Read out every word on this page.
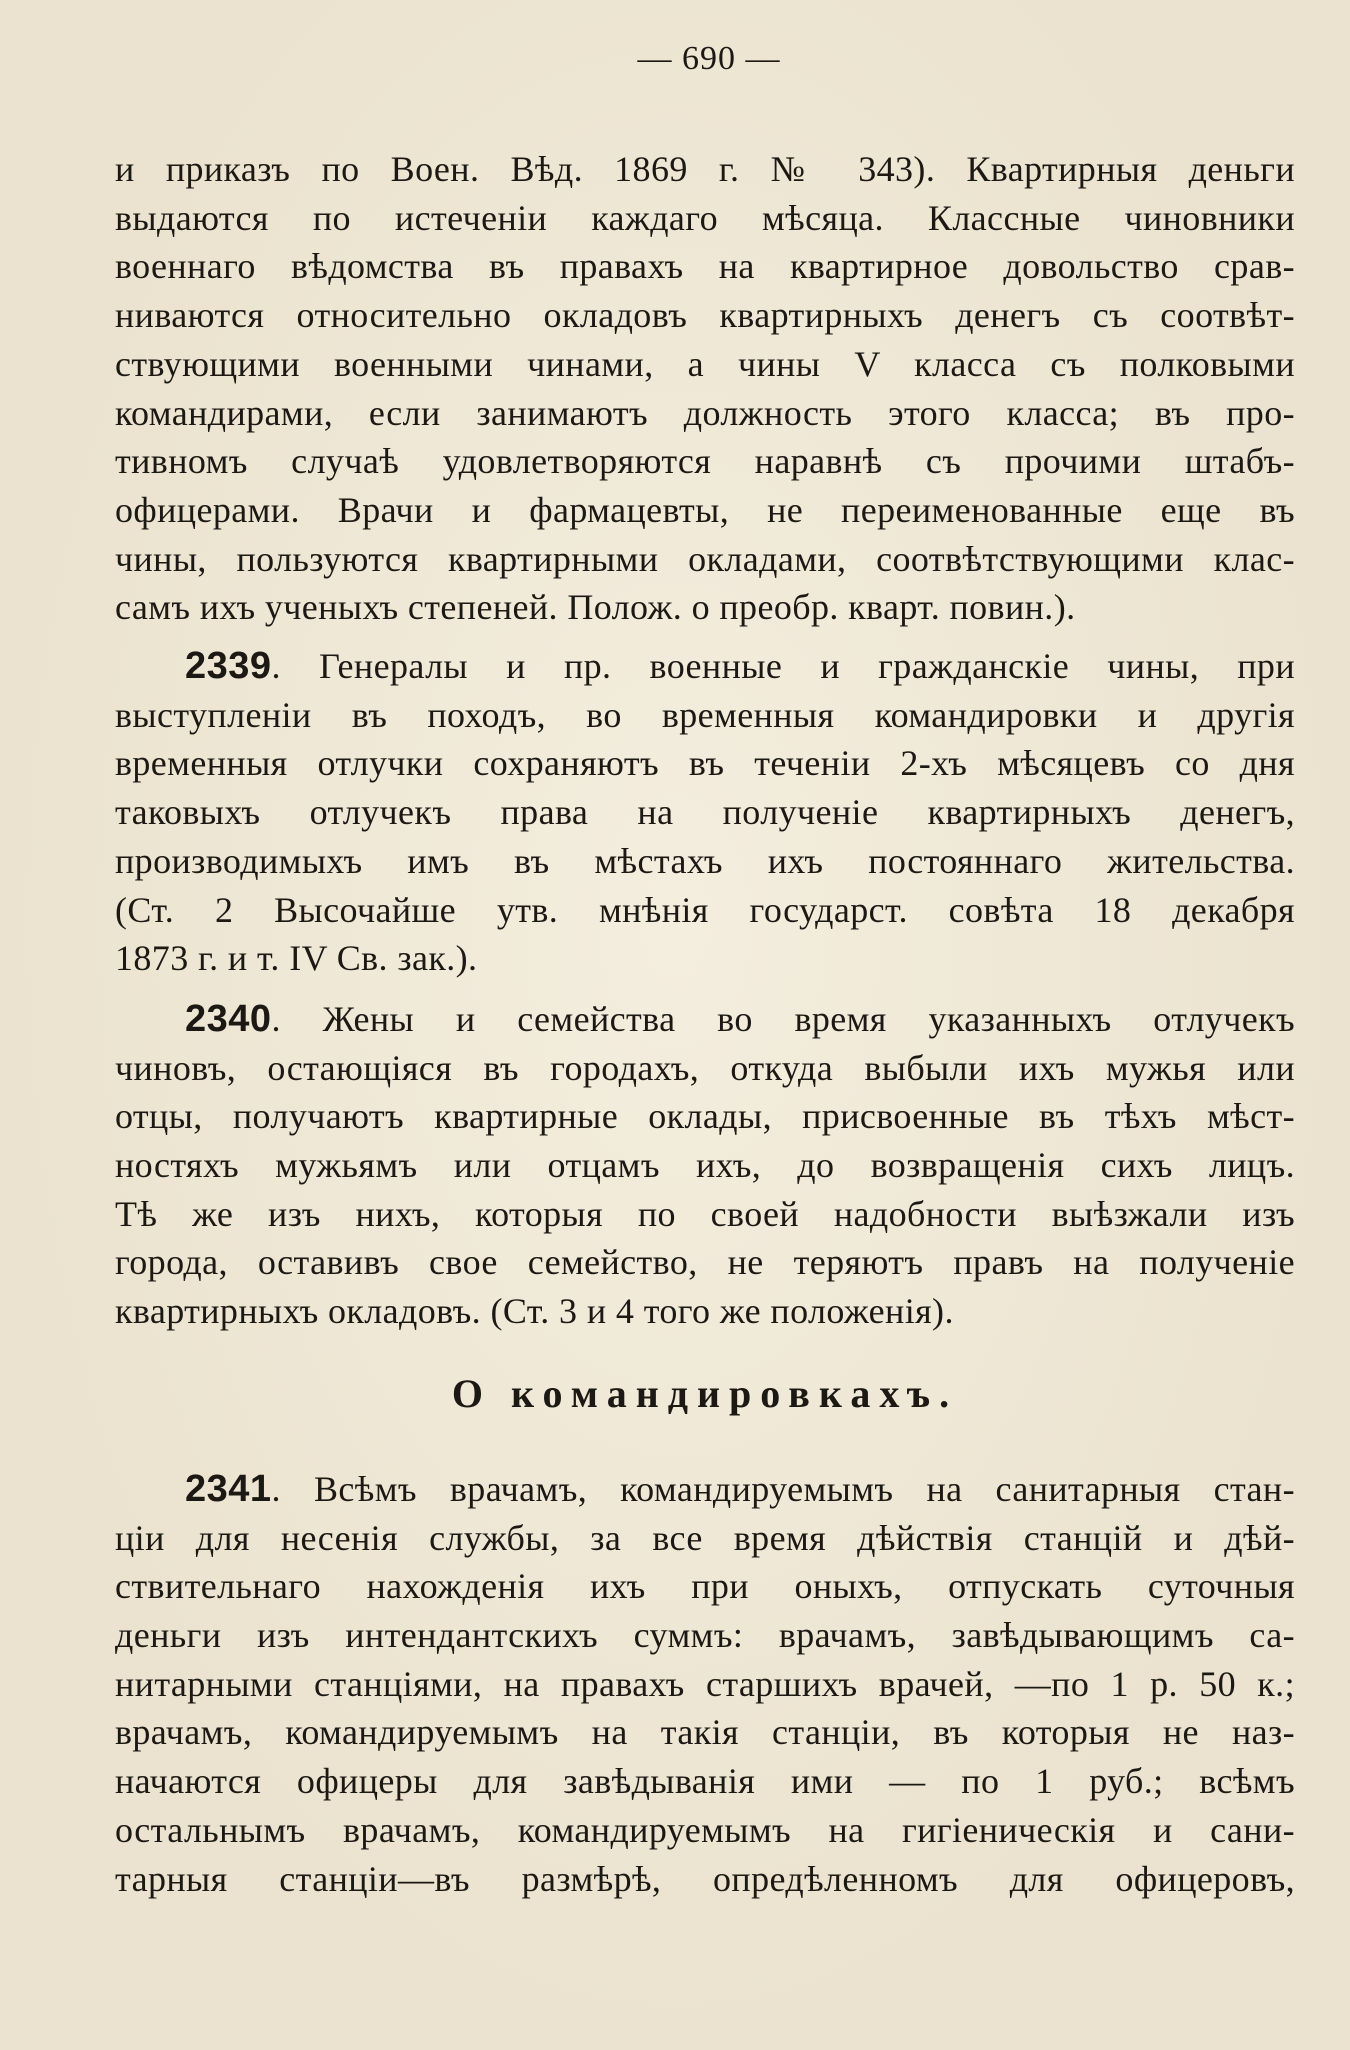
— 690 —
и приказъ по Воен. Вѣд. 1869 г. № 343). Квартирныя деньги
выдаются по истеченіи каждаго мѣсяца. Классные чиновники
военнаго вѣдомства въ правахъ на квартирное довольство срав-
ниваются относительно окладовъ квартирныхъ денегъ съ соотвѣт-
ствующими военными чинами, а чины V класса съ полковыми
командирами, если занимаютъ должность этого класса; въ про-
тивномъ случаѣ удовлетворяются наравнѣ съ прочими штабъ-
офицерами. Врачи и фармацевты, не переименованные еще въ
чины, пользуются квартирными окладами, соотвѣтствующими клас-
самъ ихъ ученыхъ степеней. Полож. о преобр. кварт. повин.).
2339. Генералы и пр. военные и гражданскіе чины, при
выступленіи въ походъ, во временныя командировки и другія
временныя отлучки сохраняютъ въ теченіи 2-хъ мѣсяцевъ со дня
таковыхъ отлучекъ права на полученіе квартирныхъ денегъ,
производимыхъ имъ въ мѣстахъ ихъ постояннаго жительства.
(Ст. 2 Высочайше утв. мнѣнія государст. совѣта 18 декабря
1873 г. и т. IV Св. зак.).
2340. Жены и семейства во время указанныхъ отлучекъ
чиновъ, остающіяся въ городахъ, откуда выбыли ихъ мужья или
отцы, получаютъ квартирные оклады, присвоенные въ тѣхъ мѣст-
ностяхъ мужьямъ или отцамъ ихъ, до возвращенія сихъ лицъ.
Тѣ же изъ нихъ, которыя по своей надобности выѣзжали изъ
города, оставивъ свое семейство, не теряютъ правъ на полученіе
квартирныхъ окладовъ. (Ст. 3 и 4 того же положенія).
О командировкахъ.
2341. Всѣмъ врачамъ, командируемымъ на санитарныя стан-
ціи для несенія службы, за все время дѣйствія станцій и дѣй-
ствительнаго нахожденія ихъ при оныхъ, отпускать суточныя
деньги изъ интендантскихъ суммъ: врачамъ, завѣдывающимъ са-
нитарными станціями, на правахъ старшихъ врачей, —по 1 р. 50 к.;
врачамъ, командируемымъ на такія станціи, въ которыя не наз-
начаются офицеры для завѣдыванія ими — по 1 руб.; всѣмъ
остальнымъ врачамъ, командируемымъ на гигіеническія и сани-
тарныя станціи—въ размѣрѣ, опредѣленномъ для офицеровъ,
